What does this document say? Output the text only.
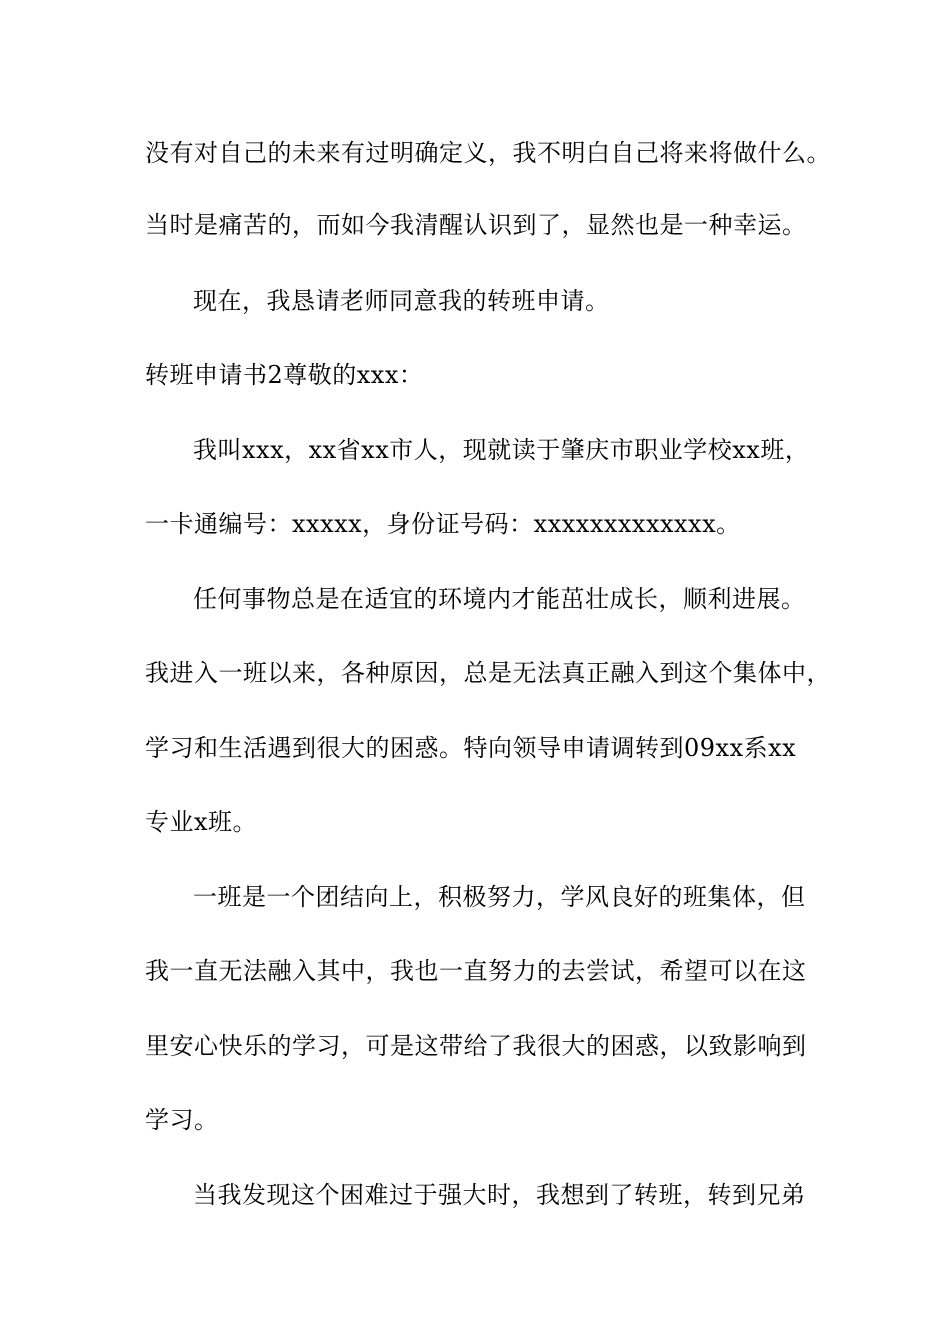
没有对自己的未来有过明确定义，我不明白自己将来将做什么。
当时是痛苦的，而如今我清醒认识到了，显然也是一种幸运。
现在，我恳请老师同意我的转班申请。
转班申请书2尊敬的xxx：
我叫xxx，xx省xx市人，现就读于肇庆市职业学校xx班，
一卡通编号：xxxxx，身份证号码：xxxxxxxxxxxxx。
任何事物总是在适宜的环境内才能茁壮成长，顺利进展。
我进入一班以来，各种原因，总是无法真正融入到这个集体中，
学习和生活遇到很大的困惑。特向领导申请调转到09xx系xx
专业x班。
一班是一个团结向上，积极努力，学风良好的班集体，但
我一直无法融入其中，我也一直努力的去尝试，希望可以在这
里安心快乐的学习，可是这带给了我很大的困惑，以致影响到
学习。
当我发现这个困难过于强大时，我想到了转班，转到兄弟
